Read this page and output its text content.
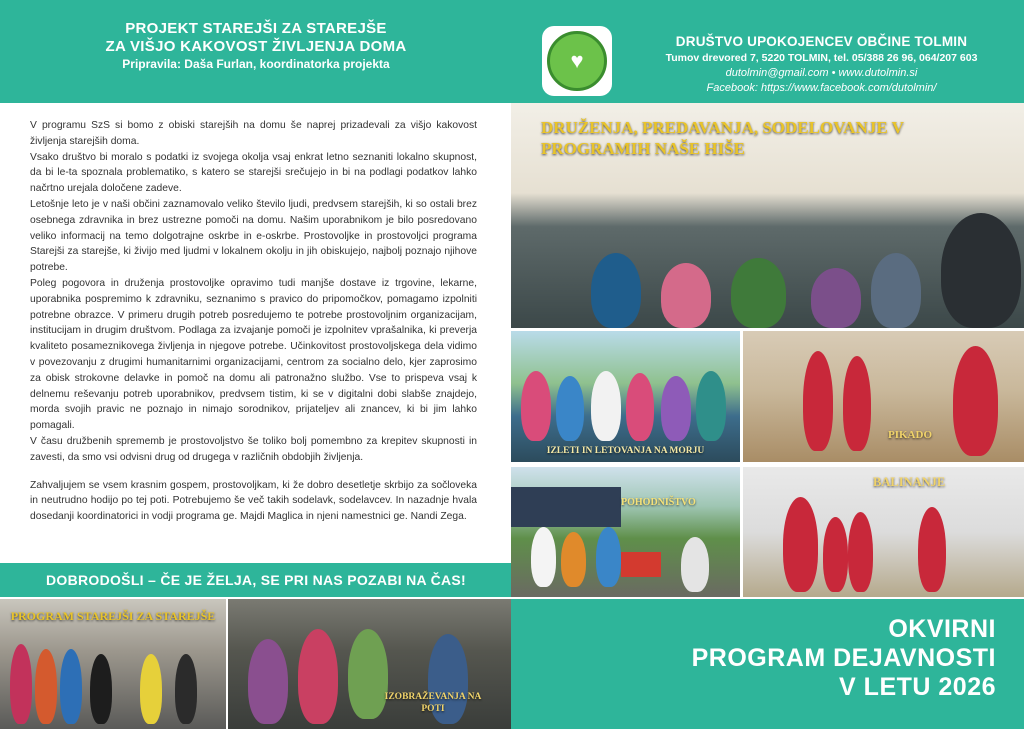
PROJEKT STAREJŠI ZA STAREJŠE
ZA VIŠJO KAKOVOST ŽIVLJENJA DOMA
Pripravila: Daša Furlan, koordinatorka projekta	♥
DRUŠTVO UPOKOJENCEV OBČINE TOLMIN
Tumov drevored 7, 5220 TOLMIN, tel. 05/388 26 96, 064/207 603
dutolmin@gmail.com • www.dutolmin.si
Facebook: https://www.facebook.com/dutolmin/

V programu SzS si bomo z obiski starejših na domu še naprej prizadevali za višjo kakovost življenja starejših doma.

Vsako društvo bi moralo s podatki iz svojega okolja vsaj enkrat letno seznaniti lokalno skupnost, da bi le-ta spoznala problematiko, s katero se starejši srečujejo in bi na podlagi podatkov lahko načrtno urejala določene zadeve.

Letošnje leto je v naši občini zaznamovalo veliko število ljudi, predvsem starejših, ki so ostali brez osebnega zdravnika in brez ustrezne pomoči na domu. Našim uporabnikom je bilo posredovano veliko informacij na temo dolgotrajne oskrbe in e-oskrbe. Prostovoljke in prostovoljci programa Starejši za starejše, ki živijo med ljudmi v lokalnem okolju in jih obiskujejo, najbolj poznajo njihove potrebe.

Poleg pogovora in druženja prostovoljke opravimo tudi manjše dostave iz trgovine, lekarne, uporabnika pospremimo k zdravniku, seznanimo s pravico do pripomočkov, pomagamo izpolniti potrebne obrazce. V primeru drugih potreb posredujemo te potrebe prostovoljnim organizacijam, institucijam in drugim društvom. Podlaga za izvajanje pomoči je izpolnitev vprašalnika, ki preverja kvaliteto posameznikovega življenja in njegove potrebe. Učinkovitost prostovoljskega dela vidimo v povezovanju z drugimi humanitarnimi organizacijami, centrom za socialno delo, kjer zaprosimo za obisk strokovne delavke in pomoč na domu ali patronažno službo. Vse to prispeva vsaj k delnemu reševanju potreb uporabnikov, predvsem tistim, ki se v digitalni dobi slabše znajdejo, morda svojih pravic ne poznajo in nimajo sorodnikov, prijateljev ali znancev, ki bi jim lahko pomagali.

V času družbenih sprememb je prostovoljstvo še toliko bolj pomembno za krepitev skupnosti in zavesti, da smo vsi odvisni drug od drugega v različnih obdobjih življenja.

Zahvaljujem se vsem krasnim gospem, prostovoljkam, ki že dobro desetletje skrbijo za sočloveka in neutrudno hodijo po tej poti. Potrebujemo še več takih sodelavk, sodelavcev. In nazadnje hvala dosedanji koordinatorici in vodji programa ge. Majdi Maglica in njeni namestnici ge. Nandi Zega.

DOBRODOŠLI – ČE JE ŽELJA, SE PRI NAS POZABI NA ČAS!
DRUŽENJA, PREDAVANJA, SODELOVANJE V PROGRAMIH NAŠE HIŠE
IZLETI IN LETOVANJA NA MORJU
PIKADO
POHODNIŠTVO
BALINANJE
PROGRAM STAREJŠI ZA STAREJŠE
IZOBRAŽEVANJA NA POTI
OKVIRNI
PROGRAM DEJAVNOSTI
V LETU 2026
